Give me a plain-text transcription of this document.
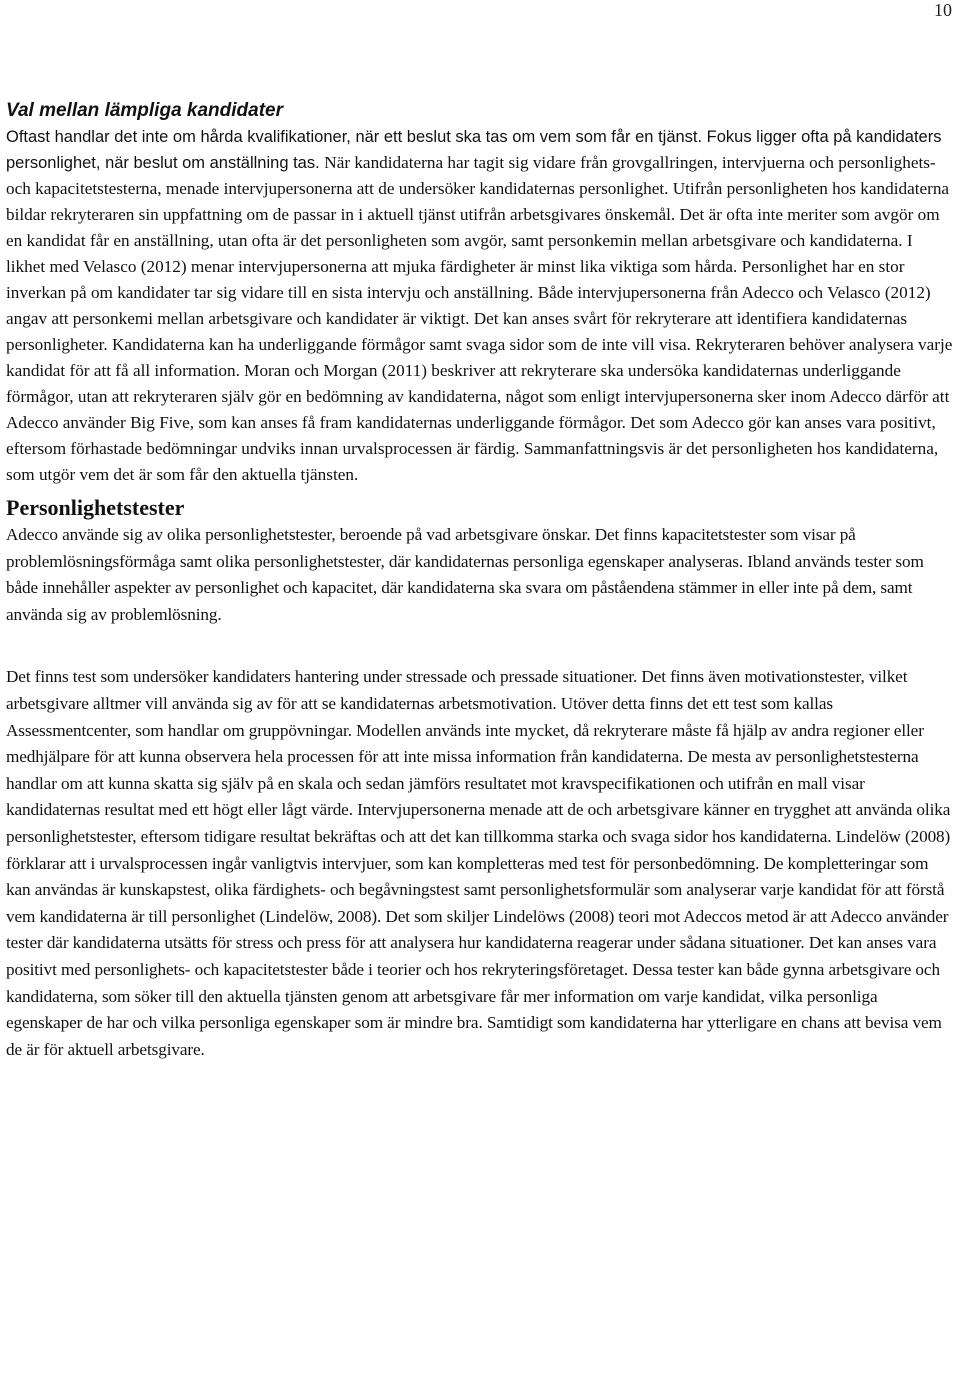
10
Val mellan lämpliga kandidater

Oftast handlar det inte om hårda kvalifikationer, när ett beslut ska tas om vem som får en tjänst. Fokus ligger ofta på kandidaters personlighet, när beslut om anställning tas. När kandidaterna har tagit sig vidare från grovgallringen, intervjuerna och personlighets- och kapacitetstesterna, menade intervjupersonerna att de undersöker kandidaternas personlighet. Utifrån personligheten hos kandidaterna bildar rekryteraren sin uppfattning om de passar in i aktuell tjänst utifrån arbetsgivares önskemål. Det är ofta inte meriter som avgör om en kandidat får en anställning, utan ofta är det personligheten som avgör, samt personkemin mellan arbetsgivare och kandidaterna. I likhet med Velasco (2012) menar intervjupersonerna att mjuka färdigheter är minst lika viktiga som hårda. Personlighet har en stor inverkan på om kandidater tar sig vidare till en sista intervju och anställning. Både intervjupersonerna från Adecco och Velasco (2012) angav att personkemi mellan arbetsgivare och kandidater är viktigt. Det kan anses svårt för rekryterare att identifiera kandidaternas personligheter. Kandidaterna kan ha underliggande förmågor samt svaga sidor som de inte vill visa. Rekryteraren behöver analysera varje kandidat för att få all information. Moran och Morgan (2011) beskriver att rekryterare ska undersöka kandidaternas underliggande förmågor, utan att rekryteraren själv gör en bedömning av kandidaterna, något som enligt intervjupersonerna sker inom Adecco därför att Adecco använder Big Five, som kan anses få fram kandidaternas underliggande förmågor. Det som Adecco gör kan anses vara positivt, eftersom förhastade bedömningar undviks innan urvalsprocessen är färdig. Sammanfattningsvis är det personligheten hos kandidaterna, som utgör vem det är som får den aktuella tjänsten.

Personlighetstester

Adecco använde sig av olika personlighetstester, beroende på vad arbetsgivare önskar. Det finns kapacitetstester som visar på problemlösningsförmåga samt olika personlighetstester, där kandidaternas personliga egenskaper analyseras. Ibland används tester som både innehåller aspekter av personlighet och kapacitet, där kandidaterna ska svara om påståendena stämmer in eller inte på dem, samt använda sig av problemlösning.

Det finns test som undersöker kandidaters hantering under stressade och pressade situationer. Det finns även motivationstester, vilket arbetsgivare alltmer vill använda sig av för att se kandidaternas arbetsmotivation. Utöver detta finns det ett test som kallas Assessmentcenter, som handlar om gruppövningar. Modellen används inte mycket, då rekryterare måste få hjälp av andra regioner eller medhjälpare för att kunna observera hela processen för att inte missa information från kandidaterna. De mesta av personlighetstesterna handlar om att kunna skatta sig själv på en skala och sedan jämförs resultatet mot kravspecifikationen och utifrån en mall visar kandidaternas resultat med ett högt eller lågt värde. Intervjupersonerna menade att de och arbetsgivare känner en trygghet att använda olika personlighetstester, eftersom tidigare resultat bekräftas och att det kan tillkomma starka och svaga sidor hos kandidaterna. Lindelöw (2008) förklarar att i urvalsprocessen ingår vanligtvis intervjuer, som kan kompletteras med test för personbedömning. De kompletteringar som kan användas är kunskapstest, olika färdighets- och begåvningstest samt personlighetsformulär som analyserar varje kandidat för att förstå vem kandidaterna är till personlighet (Lindelöw, 2008). Det som skiljer Lindelöws (2008) teori mot Adeccos metod är att Adecco använder tester där kandidaterna utsätts för stress och press för att analysera hur kandidaterna reagerar under sådana situationer. Det kan anses vara positivt med personlighets- och kapacitetstester både i teorier och hos rekryteringsföretaget. Dessa tester kan både gynna arbetsgivare och kandidaterna, som söker till den aktuella tjänsten genom att arbetsgivare får mer information om varje kandidat, vilka personliga egenskaper de har och vilka personliga egenskaper som är mindre bra. Samtidigt som kandidaterna har ytterligare en chans att bevisa vem de är för aktuell arbetsgivare.
